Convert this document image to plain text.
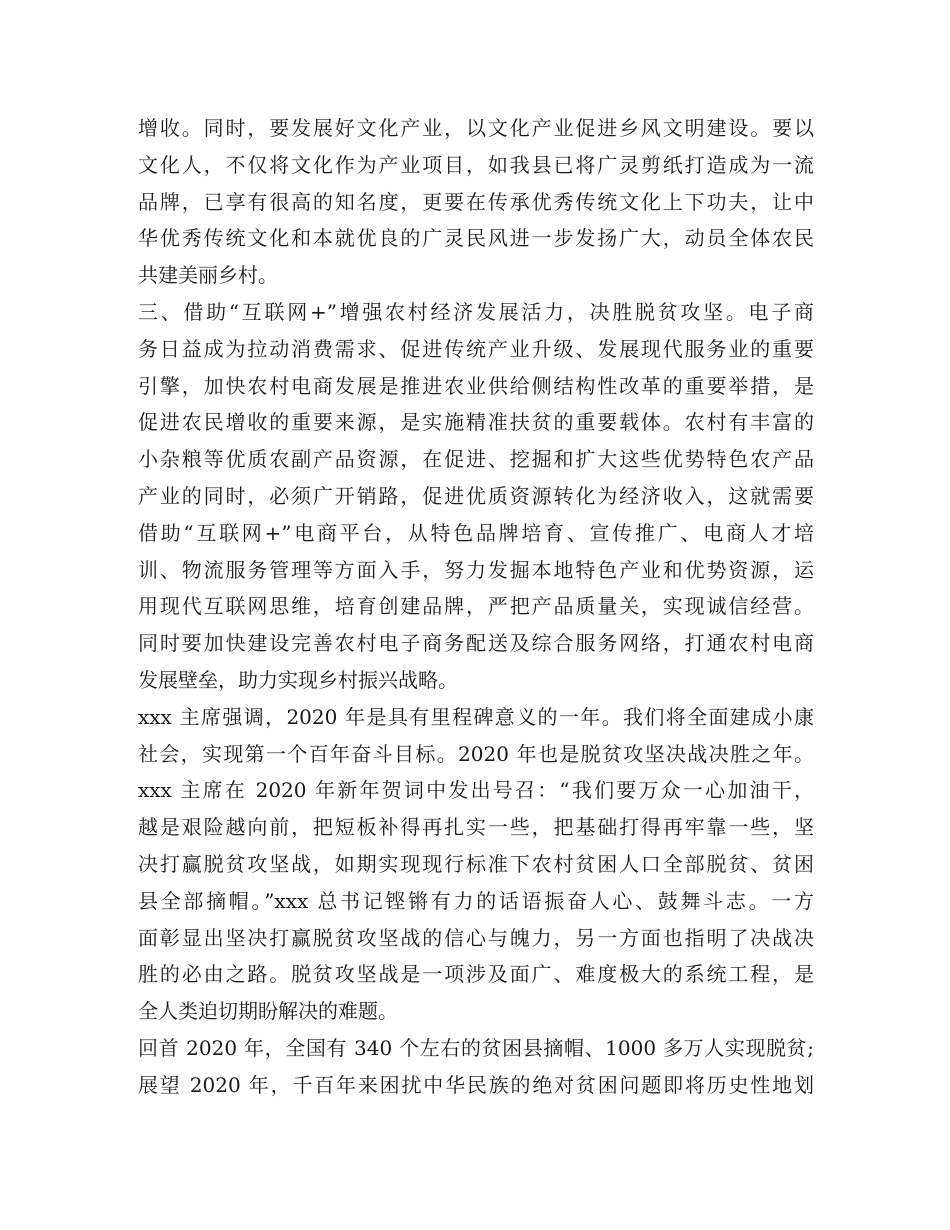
增收。同时，要发展好文化产业，以文化产业促进乡风文明建设。要以
文化人，不仅将文化作为产业项目，如我县已将广灵剪纸打造成为一流
品牌，已享有很高的知名度，更要在传承优秀传统文化上下功夫，让中
华优秀传统文化和本就优良的广灵民风进一步发扬广大，动员全体农民
共建美丽乡村。
三、借助“互联网+”增强农村经济发展活力，决胜脱贫攻坚。电子商
务日益成为拉动消费需求、促进传统产业升级、发展现代服务业的重要
引擎，加快农村电商发展是推进农业供给侧结构性改革的重要举措，是
促进农民增收的重要来源，是实施精准扶贫的重要载体。农村有丰富的
小杂粮等优质农副产品资源，在促进、挖掘和扩大这些优势特色农产品
产业的同时，必须广开销路，促进优质资源转化为经济收入，这就需要
借助“互联网+”电商平台，从特色品牌培育、宣传推广、电商人才培
训、物流服务管理等方面入手，努力发掘本地特色产业和优势资源，运
用现代互联网思维，培育创建品牌，严把产品质量关，实现诚信经营。
同时要加快建设完善农村电子商务配送及综合服务网络，打通农村电商
发展壁垒，助力实现乡村振兴战略。
xxx 主席强调，2020 年是具有里程碑意义的一年。我们将全面建成小康
社会，实现第一个百年奋斗目标。2020 年也是脱贫攻坚决战决胜之年。
xxx 主席在 2020 年新年贺词中发出号召：“我们要万众一心加油干，
越是艰险越向前，把短板补得再扎实一些，把基础打得再牢靠一些，坚
决打赢脱贫攻坚战，如期实现现行标准下农村贫困人口全部脱贫、贫困
县全部摘帽。”xxx 总书记铿锵有力的话语振奋人心、鼓舞斗志。一方
面彰显出坚决打赢脱贫攻坚战的信心与魄力，另一方面也指明了决战决
胜的必由之路。脱贫攻坚战是一项涉及面广、难度极大的系统工程，是
全人类迫切期盼解决的难题。
回首 2020 年，全国有 340 个左右的贫困县摘帽、1000 多万人实现脱贫;
展望 2020 年，千百年来困扰中华民族的绝对贫困问题即将历史性地划
